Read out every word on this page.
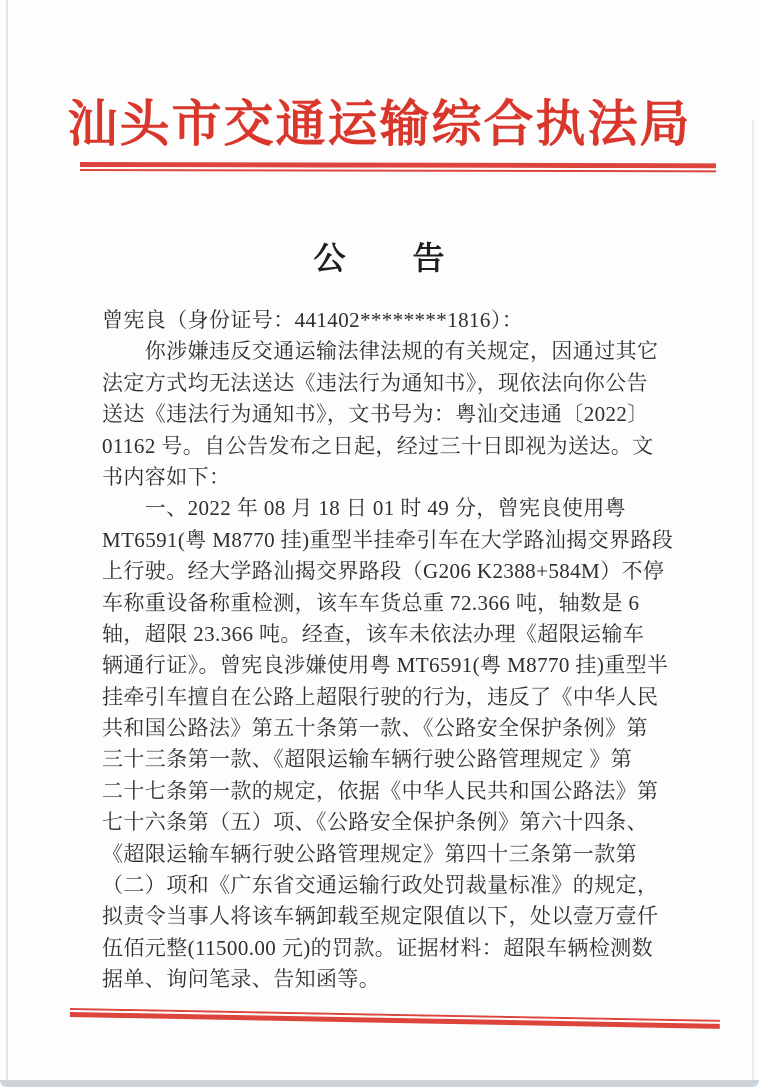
汕头市交通运输综合执法局
公　　告
曾宪良（身份证号：441402********1816）：
　　你涉嫌违反交通运输法律法规的有关规定，因通过其它
法定方式均无法送达《违法行为通知书》，现依法向你公告
送达《违法行为通知书》，文书号为：粤汕交违通〔2022〕
01162 号。自公告发布之日起，经过三十日即视为送达。文
书内容如下：
　　一、2022 年 08 月 18 日 01 时 49 分，曾宪良使用粤
MT6591(粤 M8770 挂)重型半挂牵引车在大学路汕揭交界路段
上行驶。经大学路汕揭交界路段（G206 K2388+584M）不停
车称重设备称重检测，该车车货总重 72.366 吨，轴数是 6
轴，超限 23.366 吨。经查，该车未依法办理《超限运输车
辆通行证》。曾宪良涉嫌使用粤 MT6591(粤 M8770 挂)重型半
挂牵引车擅自在公路上超限行驶的行为，违反了《中华人民
共和国公路法》第五十条第一款、《公路安全保护条例》第
三十三条第一款、《超限运输车辆行驶公路管理规定 》第
二十七条第一款的规定，依据《中华人民共和国公路法》第
七十六条第（五）项、《公路安全保护条例》第六十四条、
《超限运输车辆行驶公路管理规定》第四十三条第一款第
（二）项和《广东省交通运输行政处罚裁量标准》的规定，
拟责令当事人将该车辆卸载至规定限值以下，处以壹万壹仟
伍佰元整(11500.00 元)的罚款。证据材料：超限车辆检测数
据单、询问笔录、告知函等。
